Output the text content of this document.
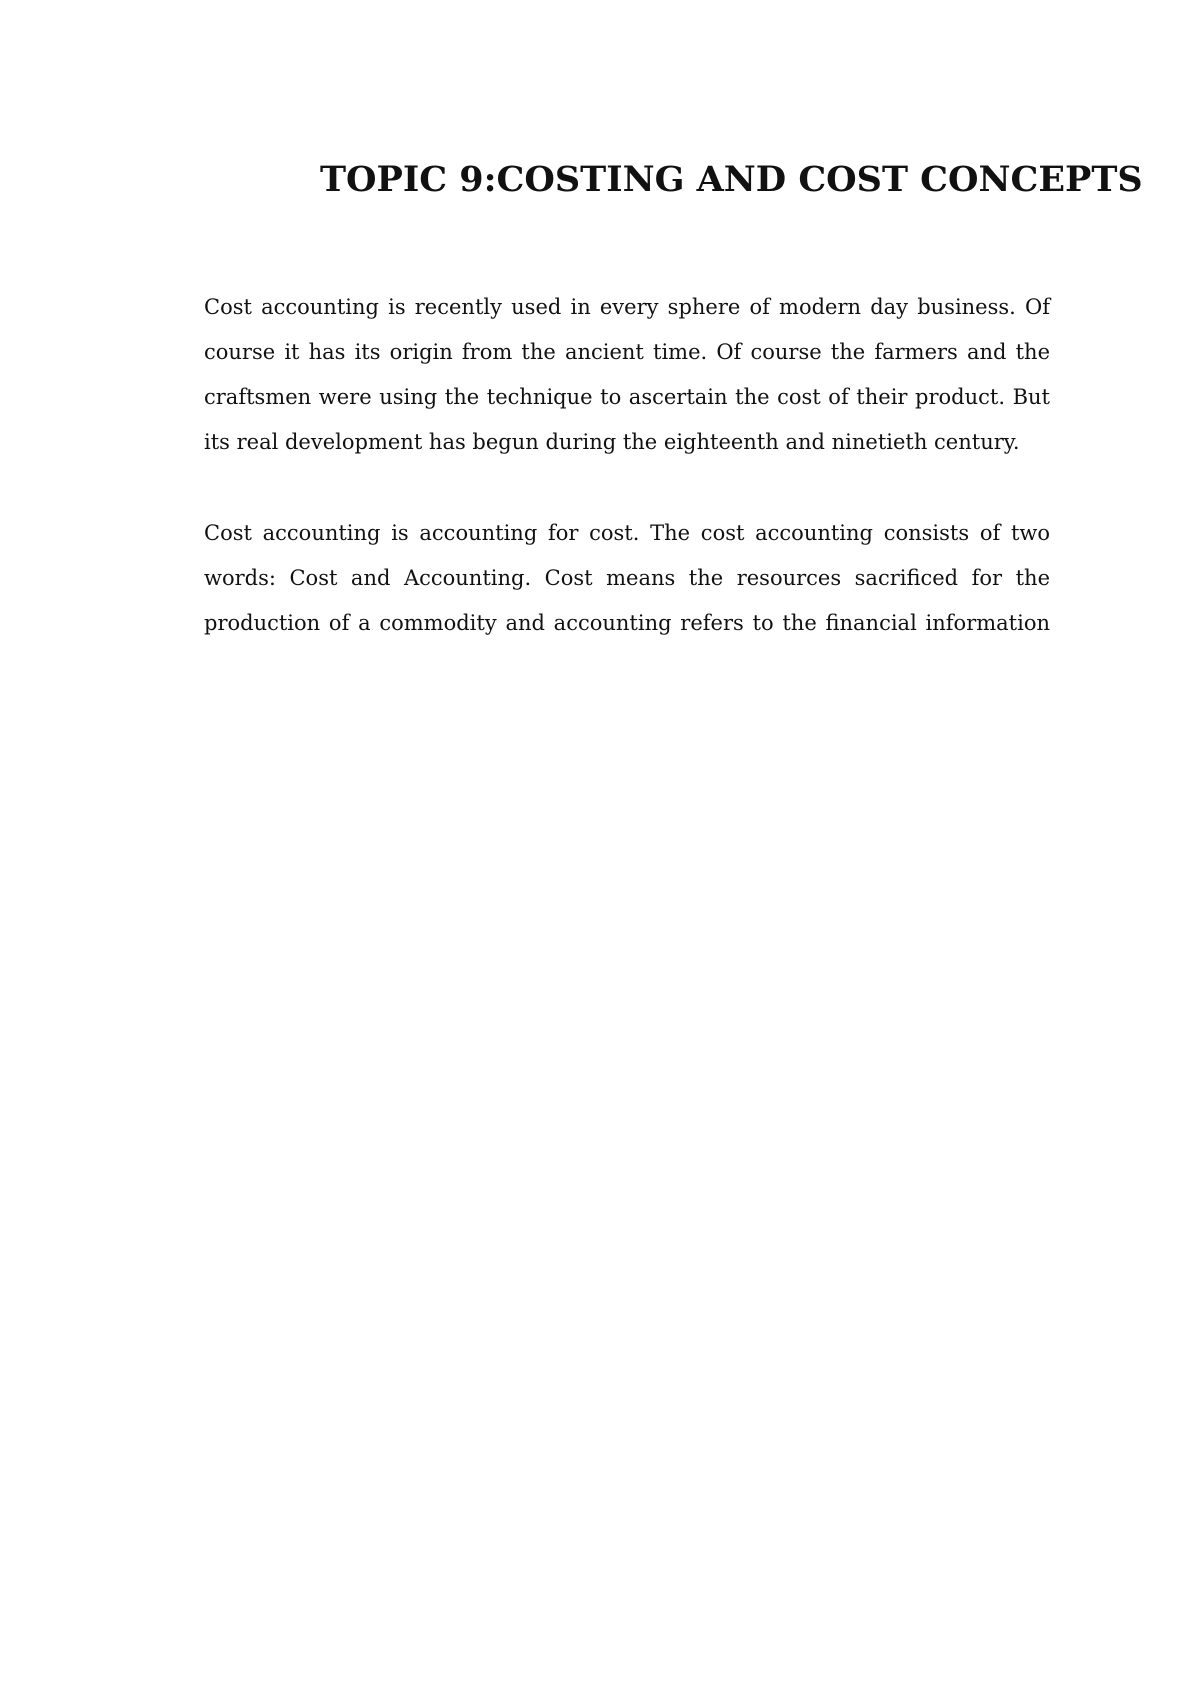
TOPIC 9:COSTING AND COST CONCEPTS

Cost accounting is recently used in every sphere of modern day business. Of
course it has its origin from the ancient time. Of course the farmers and the
craftsmen were using the technique to ascertain the cost of their product. But
its real development has begun during the eighteenth and ninetieth century.

Cost accounting is accounting for cost. The cost accounting consists of two
words: Cost and Accounting. Cost means the resources sacrificed for the
production of a commodity and accounting refers to the financial information
